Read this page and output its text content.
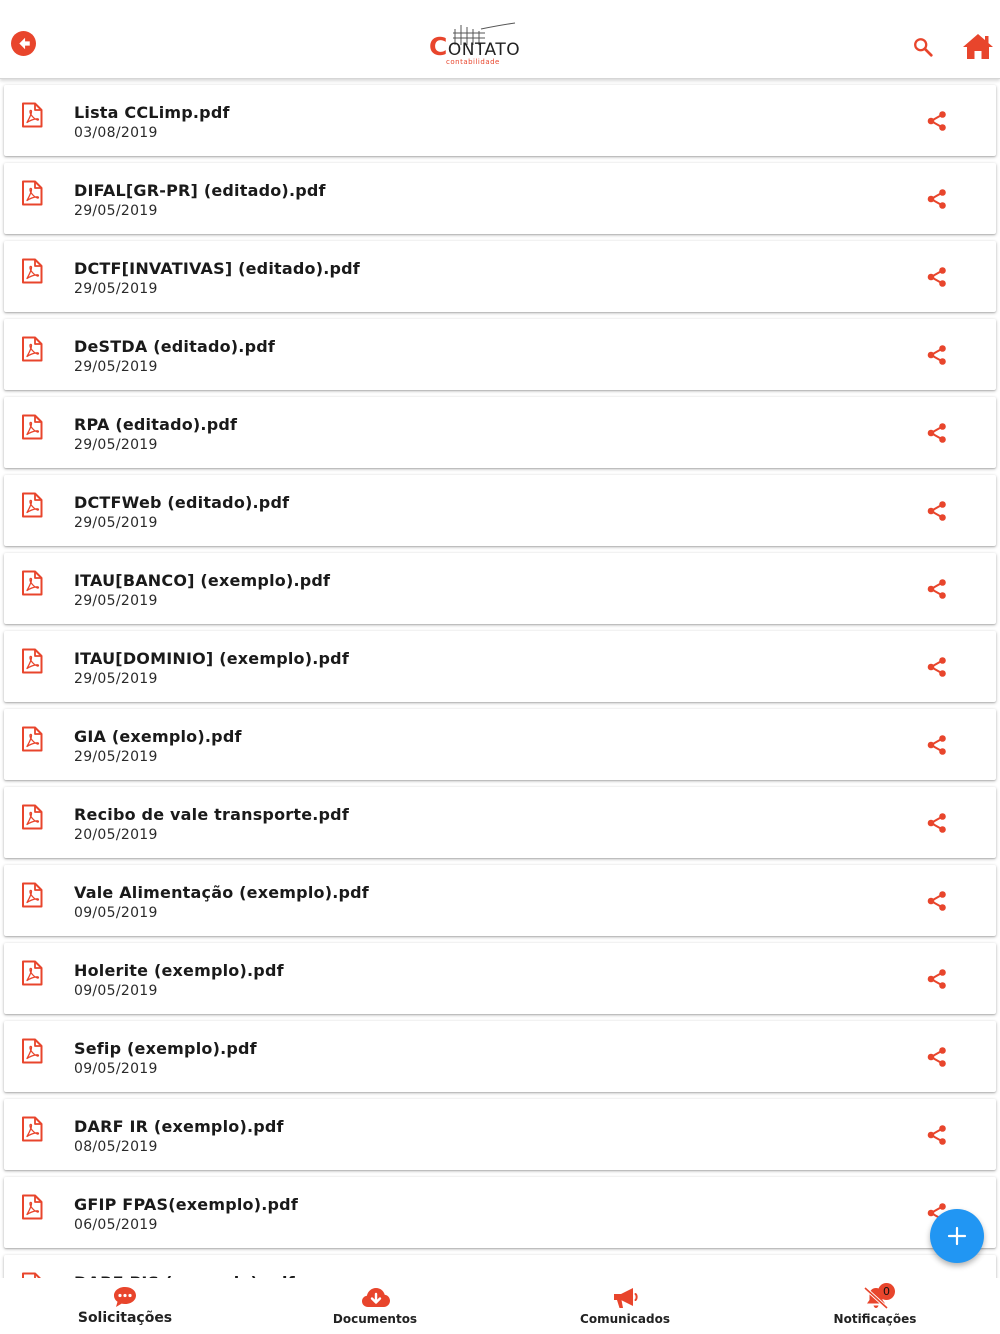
CONTATO
contabilidade
Lista CCLimp.pdf
03/08/2019
DIFAL[GR-PR] (editado).pdf
29/05/2019
DCTF[INVATIVAS] (editado).pdf
29/05/2019
DeSTDA (editado).pdf
29/05/2019
RPA (editado).pdf
29/05/2019
DCTFWeb (editado).pdf
29/05/2019
ITAU[BANCO] (exemplo).pdf
29/05/2019
ITAU[DOMINIO] (exemplo).pdf
29/05/2019
GIA (exemplo).pdf
29/05/2019
Recibo de vale transporte.pdf
20/05/2019
Vale Alimentação (exemplo).pdf
09/05/2019
Holerite (exemplo).pdf
09/05/2019
Sefip (exemplo).pdf
09/05/2019
DARF IR (exemplo).pdf
08/05/2019
GFIP FPAS(exemplo).pdf
06/05/2019
Solicitações	Documentos	Comunicados	Notificações
0
